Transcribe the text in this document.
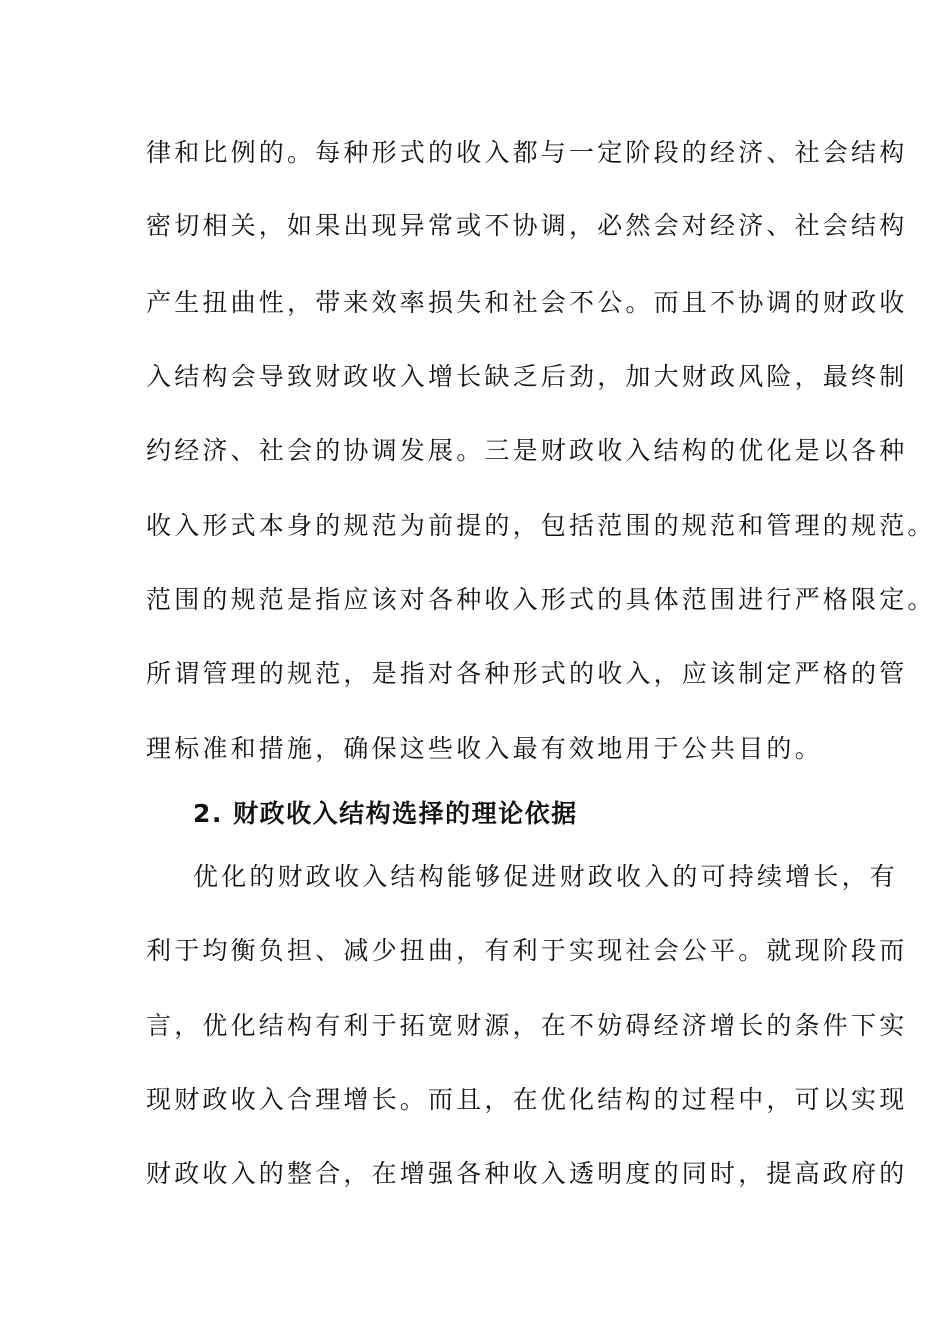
律和比例的。每种形式的收入都与一定阶段的经济、社会结构
密切相关，如果出现异常或不协调，必然会对经济、社会结构
产生扭曲性，带来效率损失和社会不公。而且不协调的财政收
入结构会导致财政收入增长缺乏后劲，加大财政风险，最终制
约经济、社会的协调发展。三是财政收入结构的优化是以各种
收入形式本身的规范为前提的，包括范围的规范和管理的规范。
范围的规范是指应该对各种收入形式的具体范围进行严格限定。
所谓管理的规范，是指对各种形式的收入，应该制定严格的管
理标准和措施，确保这些收入最有效地用于公共目的。
2. 财政收入结构选择的理论依据
优化的财政收入结构能够促进财政收入的可持续增长，有
利于均衡负担、减少扭曲，有利于实现社会公平。就现阶段而
言，优化结构有利于拓宽财源，在不妨碍经济增长的条件下实
现财政收入合理增长。而且，在优化结构的过程中，可以实现
财政收入的整合，在增强各种收入透明度的同时，提高政府的
